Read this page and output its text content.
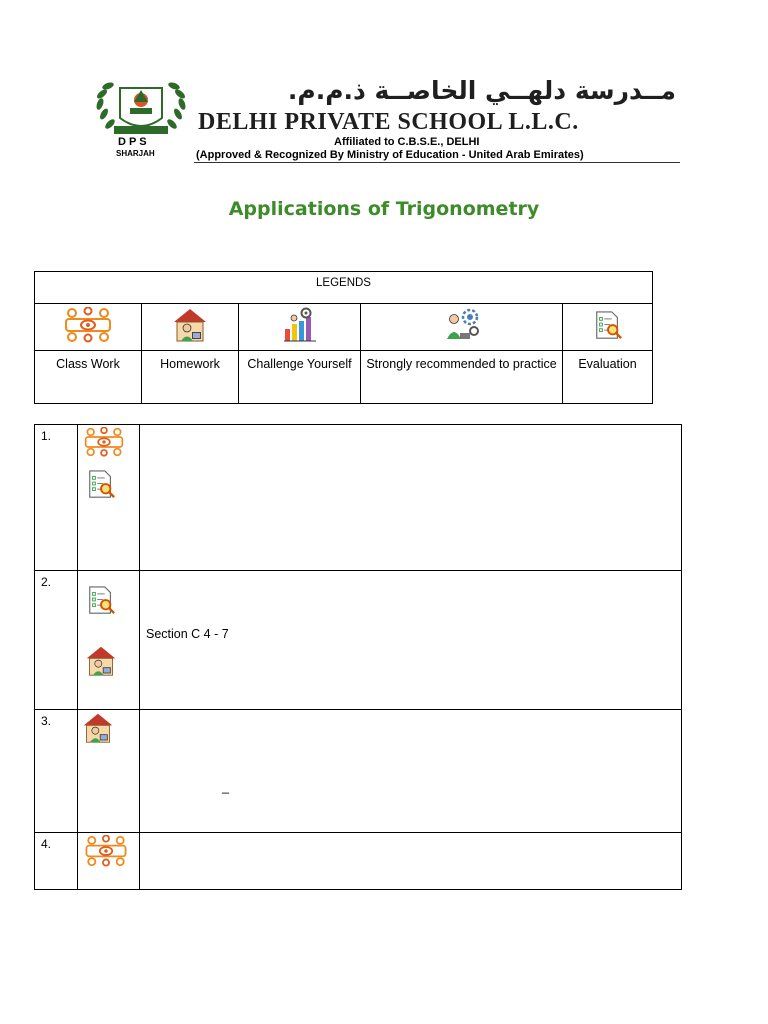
DPS
SHARJAH
مــدرسة دلهــي الخاصــة ذ.م.م.
DELHI PRIVATE SCHOOL L.L.C.
Affiliated to C.B.S.E., DELHI
(Approved & Recognized By Ministry of Education - United Arab Emirates)
Applications of Trigonometry
LEGENDS				

Class Work	Homework	Challenge Yourself	Strongly recommended to practice	Evaluation
1.	

2.		Section C 4 - 7

3.		_

4.	
